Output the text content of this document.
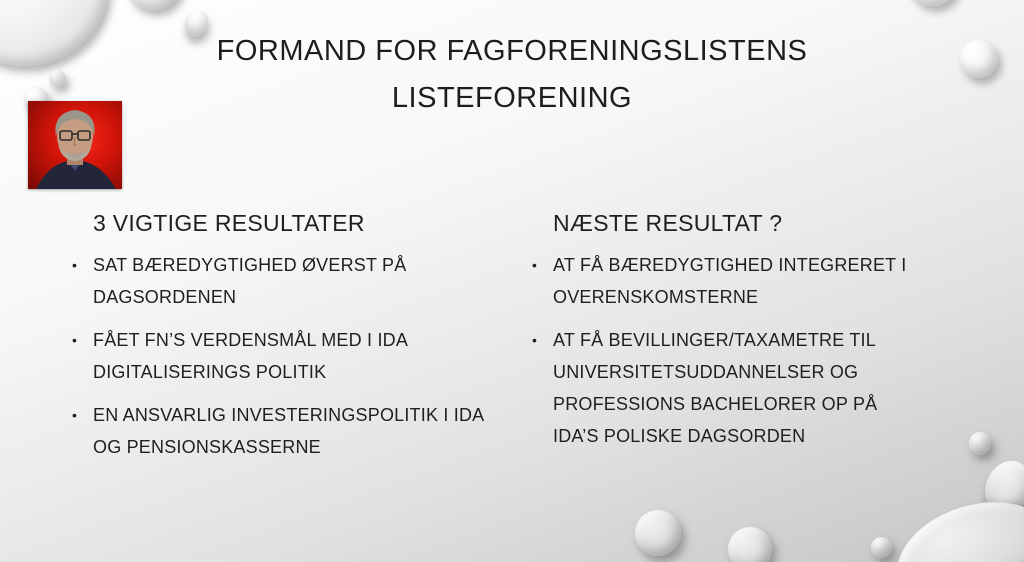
FORMAND FOR FAGFORENINGSLISTENS LISTEFORENING
3 VIGTIGE RESULTATER
• SAT BÆREDYGTIGHED ØVERST PÅ DAGSORDENEN
• FÅET FN’S VERDENSMÅL MED I IDA DIGITALISERINGS POLITIK
• EN ANSVARLIG INVESTERINGSPOLITIK I IDA OG PENSIONSKASSERNE
NÆSTE RESULTAT ?
• AT FÅ BÆREDYGTIGHED INTEGRERET I OVERENSKOMSTERNE
• AT FÅ BEVILLINGER/TAXAMETRE TIL UNIVERSITETSUDDANNELSER OG PROFESSIONS BACHELORER OP PÅ IDA’S POLISKE DAGSORDEN
